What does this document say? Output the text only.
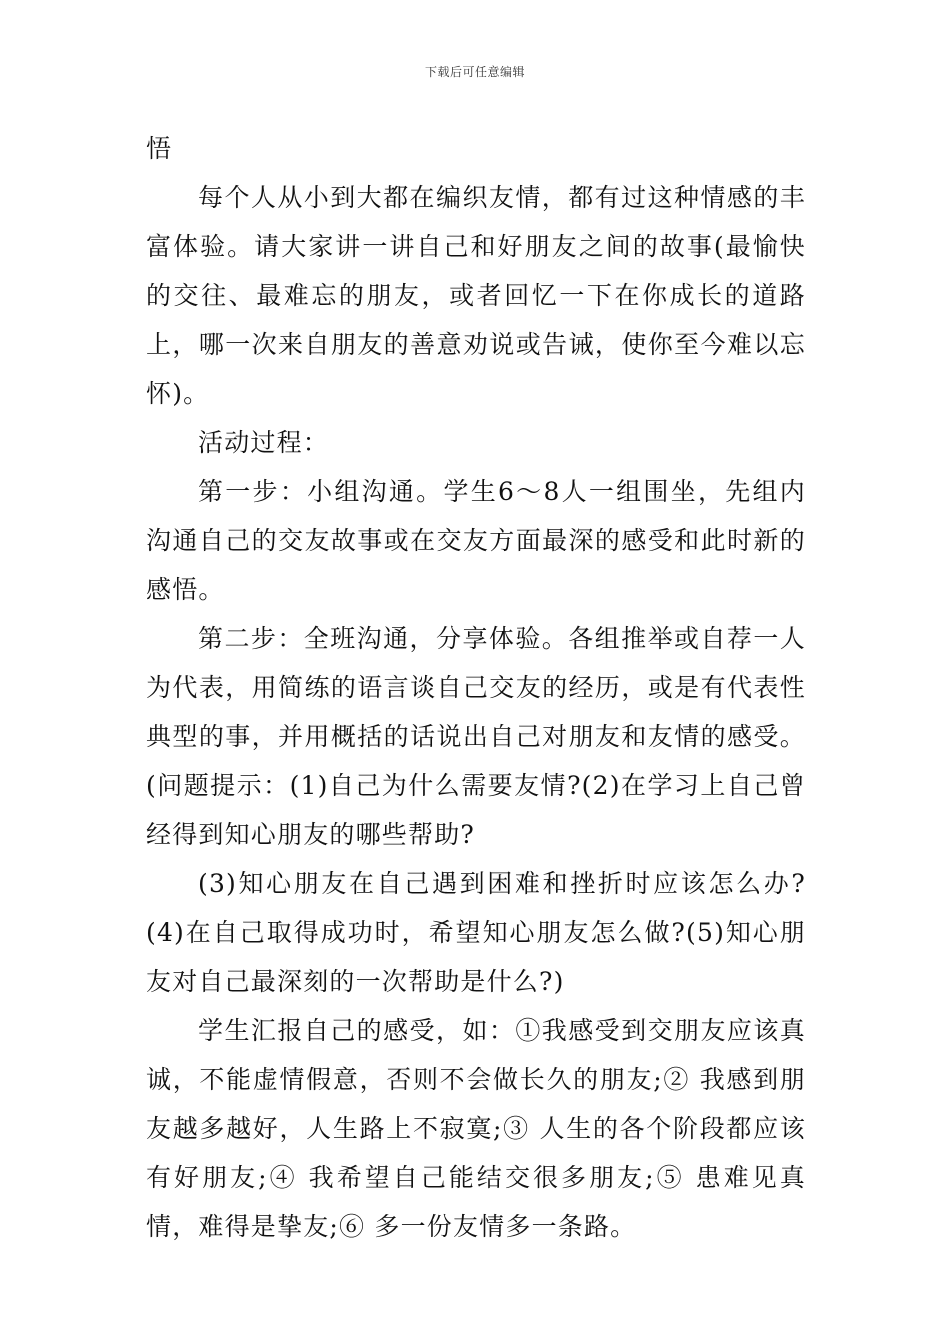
下载后可任意编辑

悟

每个人从小到大都在编织友情，都有过这种情感的丰富体验。请大家讲一讲自己和好朋友之间的故事(最愉快的交往、最难忘的朋友，或者回忆一下在你成长的道路上，哪一次来自朋友的善意劝说或告诫，使你至今难以忘怀)。

活动过程：

第一步：小组沟通。学生6～8人一组围坐，先组内沟通自己的交友故事或在交友方面最深的感受和此时新的感悟。

第二步：全班沟通，分享体验。各组推举或自荐一人为代表，用简练的语言谈自己交友的经历，或是有代表性典型的事，并用概括的话说出自己对朋友和友情的感受。(问题提示：(1)自己为什么需要友情?(2)在学习上自己曾经得到知心朋友的哪些帮助?

(3)知心朋友在自己遇到困难和挫折时应该怎么办?(4)在自己取得成功时，希望知心朋友怎么做?(5)知心朋友对自己最深刻的一次帮助是什么?)

学生汇报自己的感受，如：①我感受到交朋友应该真诚，不能虚情假意，否则不会做长久的朋友;② 我感到朋友越多越好，人生路上不寂寞;③ 人生的各个阶段都应该有好朋友;④ 我希望自己能结交很多朋友;⑤ 患难见真情，难得是挚友;⑥ 多一份友情多一条路。
